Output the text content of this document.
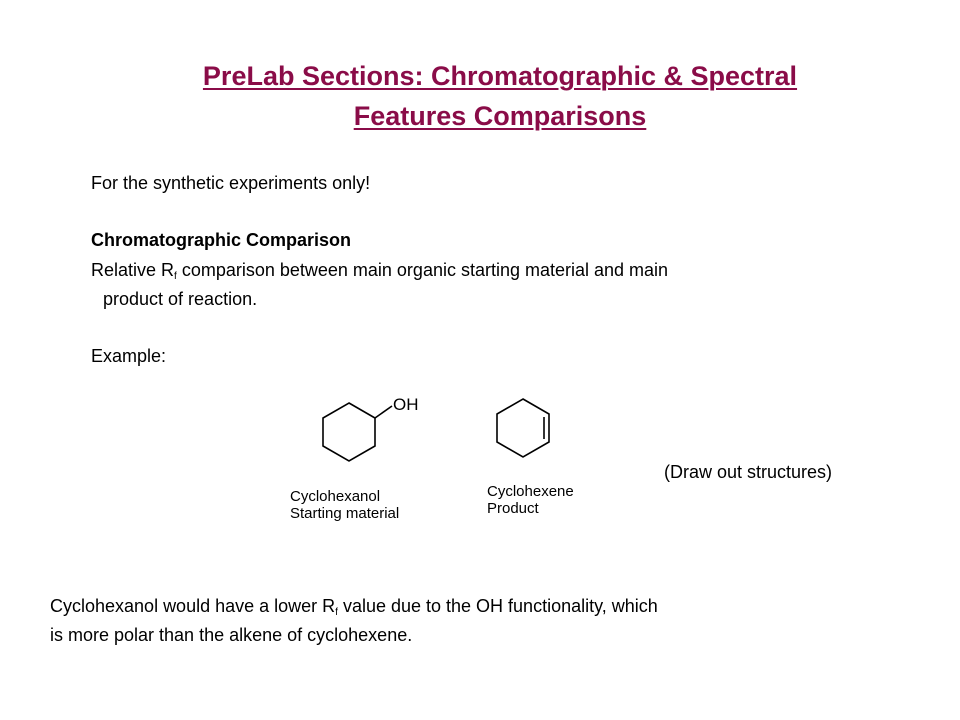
PreLab Sections: Chromatographic & Spectral
Features Comparisons
For the synthetic experiments only!
Chromatographic Comparison
Relative $R_f$ comparison between main organic starting material and main
product of reaction.
Example:
OH
Cyclohexanol
Starting material
Cyclohexene
Product
(Draw out structures)
Cyclohexanol would have a lower $R_f$ value due to the OH functionality, which
is more polar than the alkene of cyclohexene.
